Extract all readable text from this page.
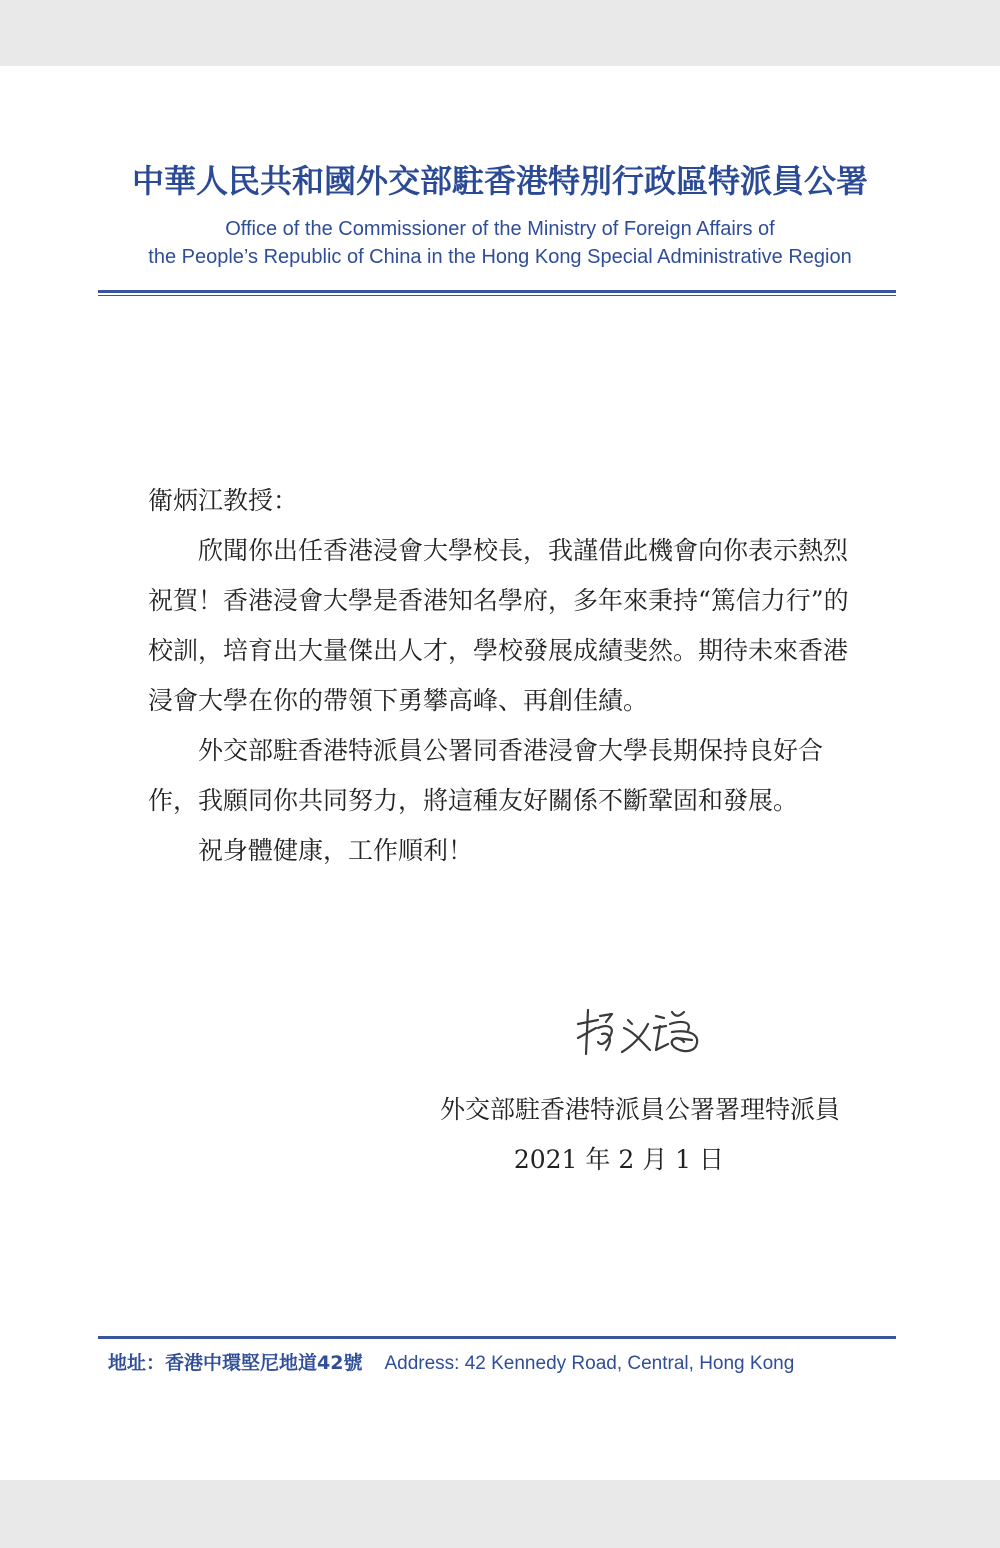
中華人民共和國外交部駐香港特別行政區特派員公署
Office of the Commissioner of the Ministry of Foreign Affairs of
the People’s Republic of China in the Hong Kong Special Administrative Region
衛炳江教授：

欣聞你出任香港浸會大學校長，我謹借此機會向你表示熱烈祝賀！香港浸會大學是香港知名學府，多年來秉持“篤信力行”的校訓，培育出大量傑出人才，學校發展成績斐然。期待未來香港浸會大學在你的帶領下勇攀高峰、再創佳績。

外交部駐香港特派員公署同香港浸會大學長期保持良好合作，我願同你共同努力，將這種友好關係不斷鞏固和發展。

祝身體健康，工作順利！

外交部駐香港特派員公署署理特派員
2021 年 2 月 1 日
地址：香港中環堅尼地道42號 Address: 42 Kennedy Road, Central, Hong Kong
